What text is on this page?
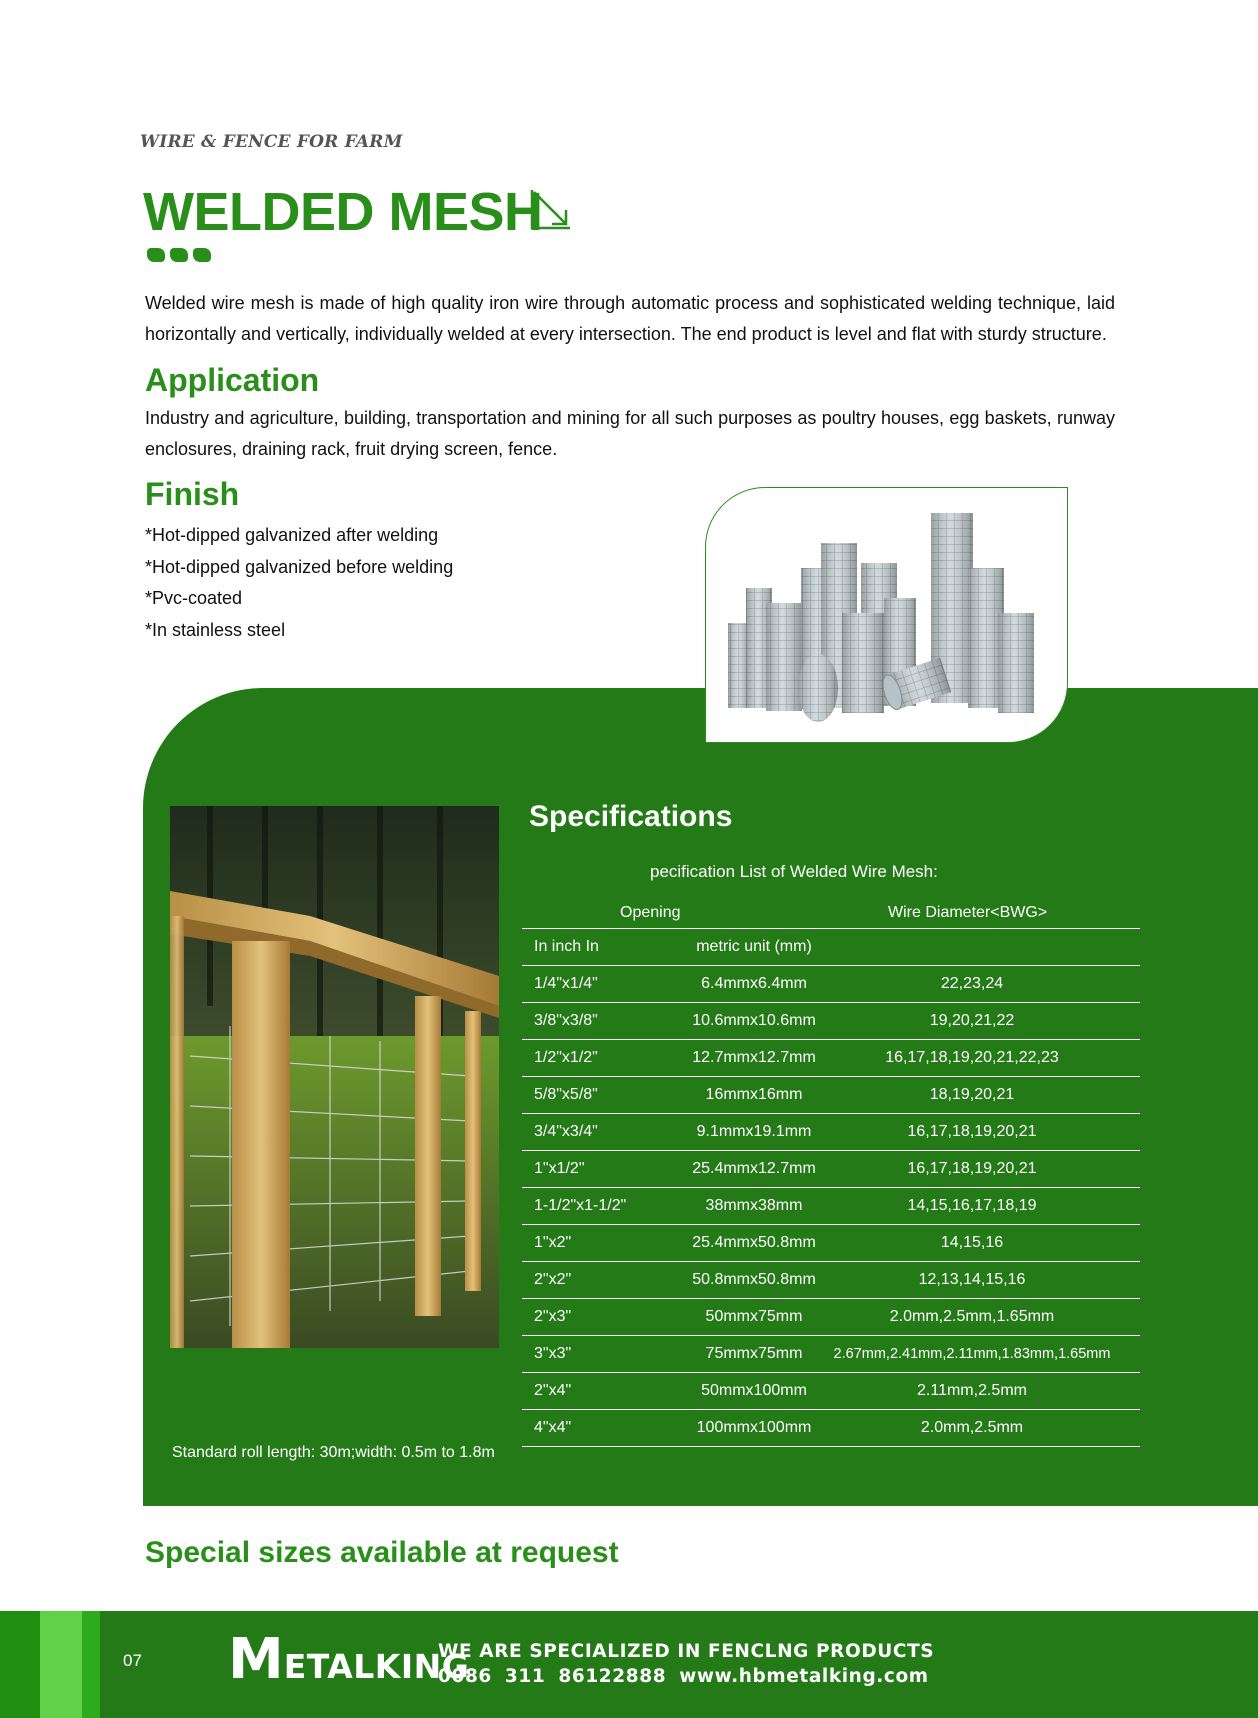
WIRE & FENCE FOR FARM
WELDED MESH
Welded wire mesh is made of high quality iron wire through automatic process and sophisticated welding technique, laid horizontally and vertically, individually welded at every intersection. The end product is level and flat with sturdy structure.
Application
Industry and agriculture, building, transportation and mining for all such purposes as poultry houses, egg baskets, runway enclosures, draining rack, fruit drying screen, fence.
Finish
*Hot-dipped galvanized after welding
*Hot-dipped galvanized before welding
*Pvc-coated
*In stainless steel
Standard roll length: 30m;width: 0.5m to 1.8m
Specifications
pecification List of Welded Wire Mesh:
Opening	Wire Diameter<BWG>
In inch In	metric unit (mm)
1/4"x1/4"	6.4mmx6.4mm	22,23,24
3/8"x3/8"	10.6mmx10.6mm	19,20,21,22
1/2"x1/2"	12.7mmx12.7mm	16,17,18,19,20,21,22,23
5/8"x5/8"	16mmx16mm	18,19,20,21
3/4"x3/4"	9.1mmx19.1mm	16,17,18,19,20,21
1"x1/2"	25.4mmx12.7mm	16,17,18,19,20,21
1-1/2"x1-1/2"	38mmx38mm	14,15,16,17,18,19
1"x2"	25.4mmx50.8mm	14,15,16
2"x2"	50.8mmx50.8mm	12,13,14,15,16
2"x3"	50mmx75mm	2.0mm,2.5mm,1.65mm
3"x3"	75mmx75mm 2.67mm,2.41mm,2.11mm,1.83mm,1.65mm
2"x4"	50mmx100mm	2.11mm,2.5mm
4"x4"	100mmx100mm	2.0mm,2.5mm
Special sizes available at request
07 METALKING
WE ARE SPECIALIZED IN FENCLNG PRODUCTS
0086 311 86122888 www.hbmetalking.com
